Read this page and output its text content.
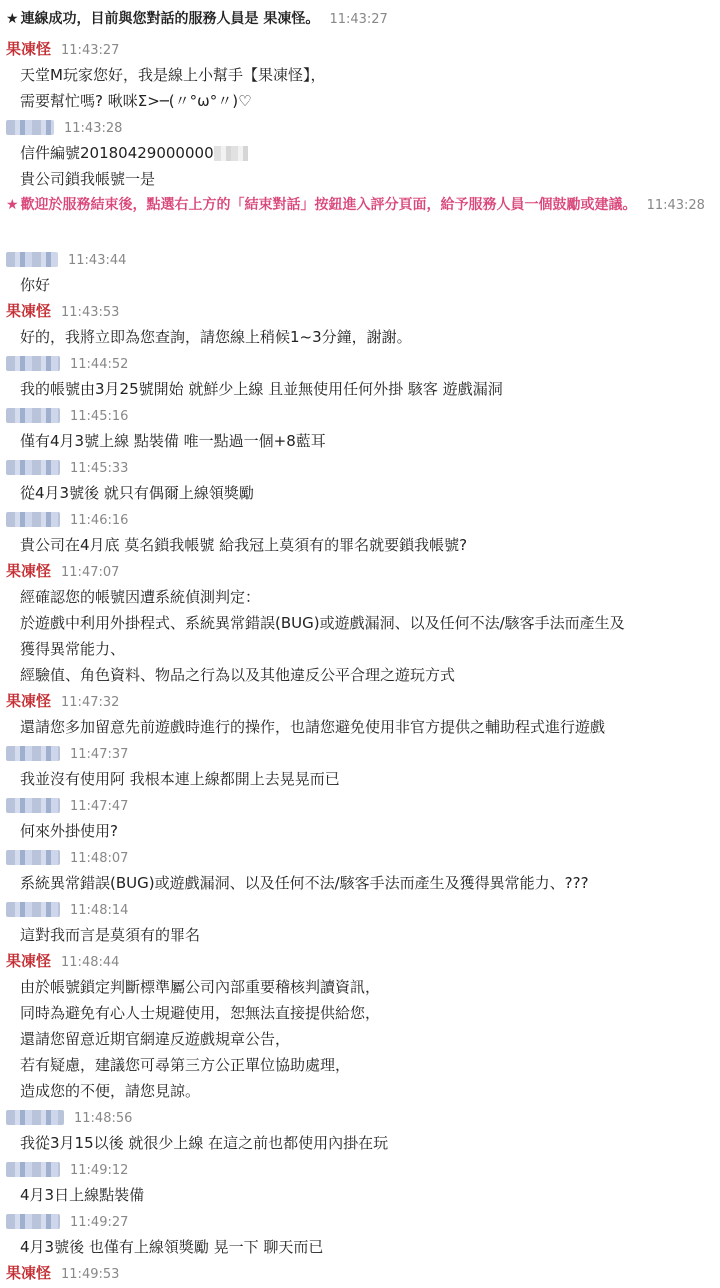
★ 連線成功，目前與您對話的服務人員是 果凍怪。 11:43:27
果凍怪 11:43:27
天堂M玩家您好，我是線上小幫手【果凍怪】，
需要幫忙嗎? 啾咪Σ>─(〃°ω°〃)♡
11:43:28
信件編號20180429000000
貴公司鎖我帳號一是
★ 歡迎於服務結束後，點選右上方的「結束對話」按鈕進入評分頁面，給予服務人員一個鼓勵或建議。 11:43:28
11:43:44
你好
果凍怪 11:43:53
好的，我將立即為您查詢，請您線上稍候1~3分鐘，謝謝。
11:44:52
我的帳號由3月25號開始 就鮮少上線 且並無使用任何外掛 駭客 遊戲漏洞
11:45:16
僅有4月3號上線 點裝備 唯一點過一個+8藍耳
11:45:33
從4月3號後 就只有偶爾上線領獎勵
11:46:16
貴公司在4月底 莫名鎖我帳號 給我冠上莫須有的罪名就要鎖我帳號?
果凍怪 11:47:07
經確認您的帳號因遭系統偵測判定：
於遊戲中利用外掛程式、系統異常錯誤(BUG)或遊戲漏洞、以及任何不法/駭客手法而產生及
獲得異常能力、
經驗值、角色資料、物品之行為以及其他違反公平合理之遊玩方式
果凍怪 11:47:32
還請您多加留意先前遊戲時進行的操作，也請您避免使用非官方提供之輔助程式進行遊戲
11:47:37
我並沒有使用阿 我根本連上線都開上去晃晃而已
11:47:47
何來外掛使用?
11:48:07
系統異常錯誤(BUG)或遊戲漏洞、以及任何不法/駭客手法而產生及獲得異常能力、???
11:48:14
這對我而言是莫須有的罪名
果凍怪 11:48:44
由於帳號鎖定判斷標準屬公司內部重要稽核判讀資訊，
同時為避免有心人士規避使用，恕無法直接提供給您，
還請您留意近期官網違反遊戲規章公告，
若有疑慮，建議您可尋第三方公正單位協助處理，
造成您的不便，請您見諒。
11:48:56
我從3月15以後 就很少上線 在這之前也都使用內掛在玩
11:49:12
4月3日上線點裝備
11:49:27
4月3號後 也僅有上線領獎勵 晃一下 聊天而已
果凍怪 11:49:53
